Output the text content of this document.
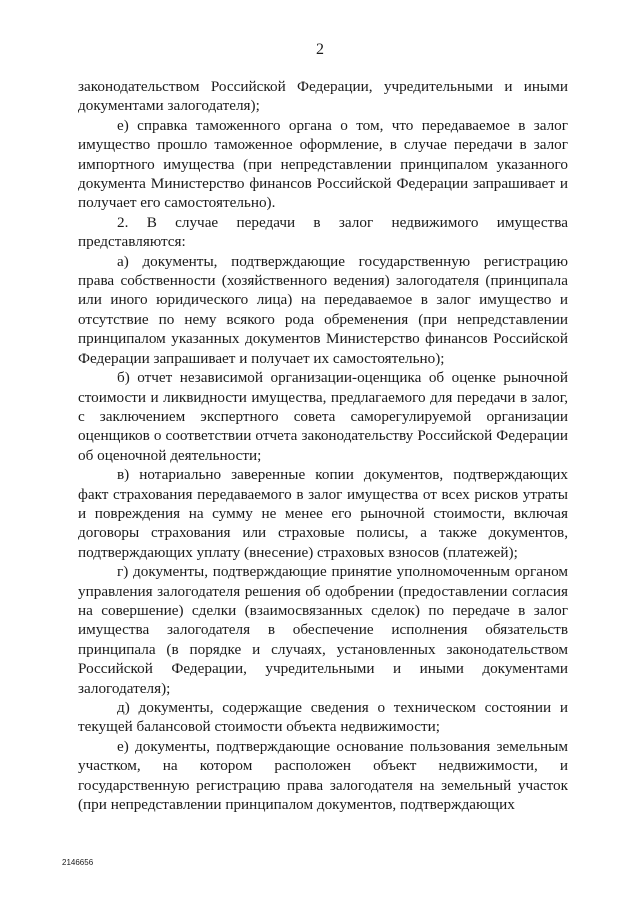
2

законодательством Российской Федерации, учредительными и иными документами залогодателя);

е) справка таможенного органа о том, что передаваемое в залог имущество прошло таможенное оформление, в случае передачи в залог импортного имущества (при непредставлении принципалом указанного документа Министерство финансов Российской Федерации запрашивает и получает его самостоятельно).

2. В случае передачи в залог недвижимого имущества представляются:

а) документы, подтверждающие государственную регистрацию права собственности (хозяйственного ведения) залогодателя (принципала или иного юридического лица) на передаваемое в залог имущество и отсутствие по нему всякого рода обременения (при непредставлении принципалом указанных документов Министерство финансов Российской Федерации запрашивает и получает их самостоятельно);

б) отчет независимой организации-оценщика об оценке рыночной стоимости и ликвидности имущества, предлагаемого для передачи в залог, с заключением экспертного совета саморегулируемой организации оценщиков о соответствии отчета законодательству Российской Федерации об оценочной деятельности;

в) нотариально заверенные копии документов, подтверждающих факт страхования передаваемого в залог имущества от всех рисков утраты и повреждения на сумму не менее его рыночной стоимости, включая договоры страхования или страховые полисы, а также документов, подтверждающих уплату (внесение) страховых взносов (платежей);

г) документы, подтверждающие принятие уполномоченным органом управления залогодателя решения об одобрении (предоставлении согласия на совершение) сделки (взаимосвязанных сделок) по передаче в залог имущества залогодателя в обеспечение исполнения обязательств принципала (в порядке и случаях, установленных законодательством Российской Федерации, учредительными и иными документами залогодателя);

д) документы, содержащие сведения о техническом состоянии и текущей балансовой стоимости объекта недвижимости;

е) документы, подтверждающие основание пользования земельным участком, на котором расположен объект недвижимости, и государственную регистрацию права залогодателя на земельный участок (при непредставлении принципалом документов, подтверждающих

2146656
